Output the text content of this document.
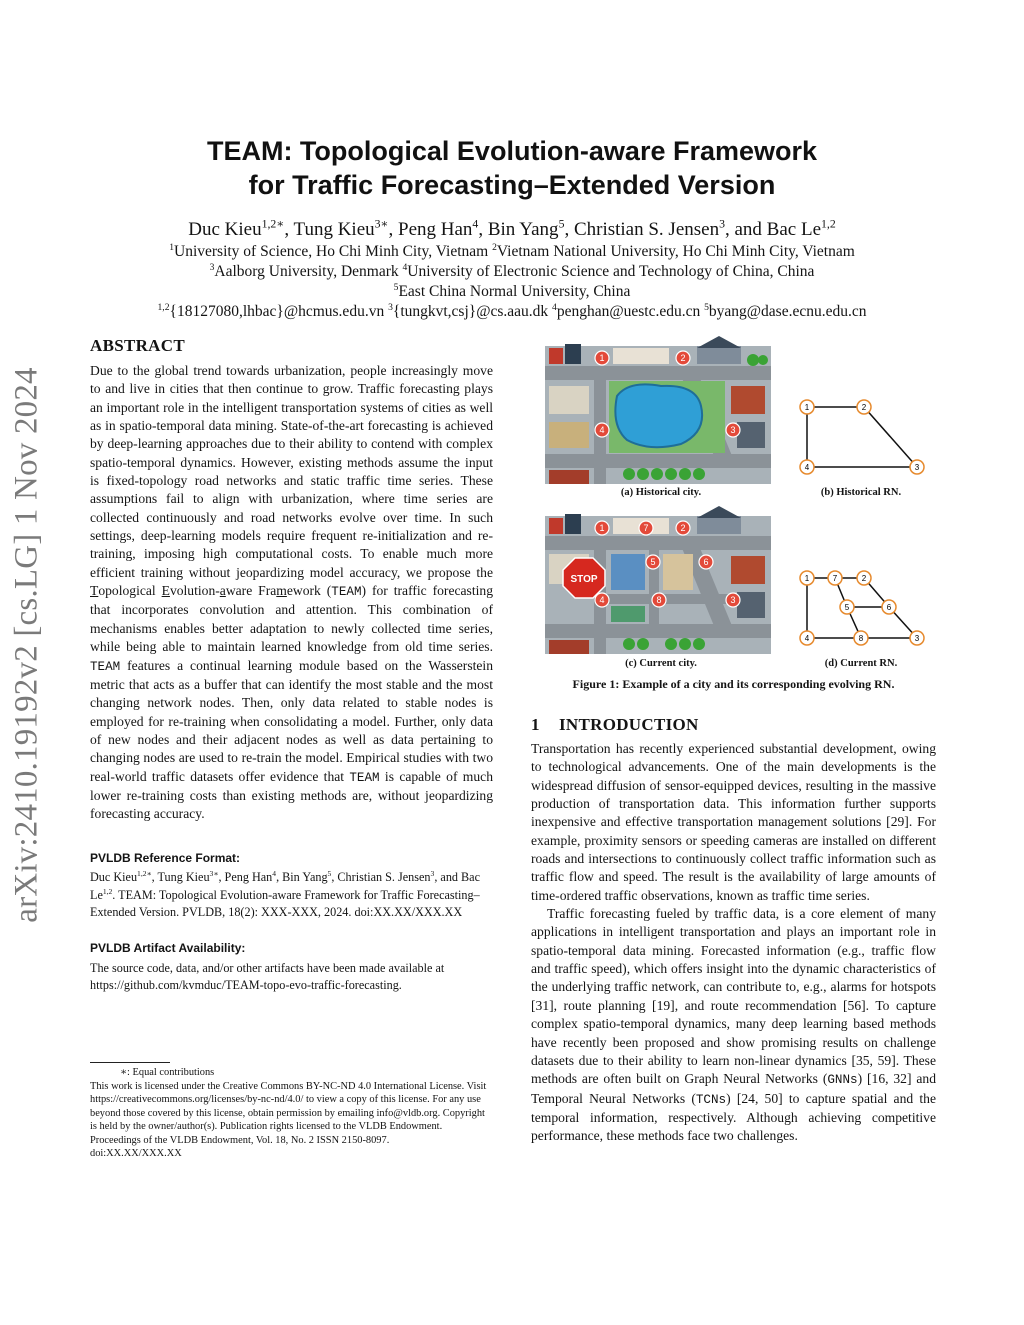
arXiv:2410.19192v2 [cs.LG] 1 Nov 2024
TEAM: Topological Evolution-aware Framework
for Traffic Forecasting–Extended Version
Duc Kieu$^{1,2∗}$, Tung Kieu$^{3∗}$, Peng Han$^4$, Bin Yang$^5$, Christian S. Jensen$^3$, and Bac Le$^{1,2}$
$^1$University of Science, Ho Chi Minh City, Vietnam $^2$Vietnam National University, Ho Chi Minh City, Vietnam
$^3$Aalborg University, Denmark $^4$University of Electronic Science and Technology of China, China
$^5$East China Normal University, China
$^{1,2}${18127080,lhbac}@hcmus.edu.vn $^3${tungkvt,csj}@cs.aau.dk $^4$penghan@uestc.edu.cn $^5$byang@dase.ecnu.edu.cn
ABSTRACT

Due to the global trend towards urbanization, people increasingly move to and live in cities that then continue to grow. Traffic forecasting plays an important role in the intelligent transportation systems of cities as well as in spatio-temporal data mining. State-of-the-art forecasting is achieved by deep-learning approaches due to their ability to contend with complex spatio-temporal dynamics. However, existing methods assume the input is fixed-topology road networks and static traffic time series. These assumptions fail to align with urbanization, where time series are collected continuously and road networks evolve over time. In such settings, deep-learning models require frequent re-initialization and re-training, imposing high computational costs. To enable much more efficient training without jeopardizing model accuracy, we propose the Topological Evolution-aware Framework (TEAM) for traffic forecasting that incorporates convolution and attention. This combination of mechanisms enables better adaptation to newly collected time series, while being able to maintain learned knowledge from old time series. TEAM features a continual learning module based on the Wasserstein metric that acts as a buffer that can identify the most stable and the most changing network nodes. Then, only data related to stable nodes is employed for re-training when consolidating a model. Further, only data of new nodes and their adjacent nodes as well as data pertaining to changing nodes are used to re-train the model. Empirical studies with two real-world traffic datasets offer evidence that TEAM is capable of much lower re-training costs than existing methods are, without jeopardizing forecasting accuracy.

PVLDB Reference Format:
Duc Kieu$^{1,2∗}$, Tung Kieu$^{3∗}$, Peng Han$^4$, Bin Yang$^5$, Christian S. Jensen$^3$, and Bac Le$^{1,2}$. TEAM: Topological Evolution-aware Framework for Traffic Forecasting–Extended Version. PVLDB, 18(2): XXX-XXX, 2024. doi:XX.XX/XXX.XX
PVLDB Artifact Availability:
The source code, data, and/or other artifacts have been made available at https://github.com/kvmduc/TEAM-topo-evo-traffic-forecasting.
∗: Equal contributions
This work is licensed under the Creative Commons BY-NC-ND 4.0 International License. Visit https://creativecommons.org/licenses/by-nc-nd/4.0/ to view a copy of this license. For any use beyond those covered by this license, obtain permission by emailing info@vldb.org. Copyright is held by the owner/author(s). Publication rights licensed to the VLDB Endowment.
Proceedings of the VLDB Endowment, Vol. 18, No. 2 ISSN 2150-8097.
doi:XX.XX/XXX.XX
1	2
3
4
1	2
3
4
STOP
1	7	2
5	6
4	8	3
1	7	2
5	6
4	8	3
(a) Historical city.	(b) Historical RN.
(c) Current city.	(d) Current RN.
Figure 1: Example of a city and its corresponding evolving RN.
1 INTRODUCTION

Transportation has recently experienced substantial development, owing to technological advancements. One of the main developments is the widespread diffusion of sensor-equipped devices, resulting in the massive production of transportation data. This information further supports inexpensive and effective transportation management solutions [29]. For example, proximity sensors or speeding cameras are installed on different roads and intersections to continuously collect traffic information such as traffic flow and speed. The result is the availability of large amounts of time-ordered traffic observations, known as traffic time series.

Traffic forecasting fueled by traffic data, is a core element of many applications in intelligent transportation and plays an important role in spatio-temporal data mining. Forecasted information (e.g., traffic flow and traffic speed), which offers insight into the dynamic characteristics of the underlying traffic network, can contribute to, e.g., alarms for hotspots [31], route planning [19], and route recommendation [56]. To capture complex spatio-temporal dynamics, many deep learning based methods have recently been proposed and show promising results on challenge datasets due to their ability to learn non-linear dynamics [35, 59]. These methods are often built on Graph Neural Networks (GNNs) [16, 32] and Temporal Neural Networks (TCNs) [24, 50] to capture spatial and the temporal information, respectively. Although achieving competitive performance, these methods face two challenges.
